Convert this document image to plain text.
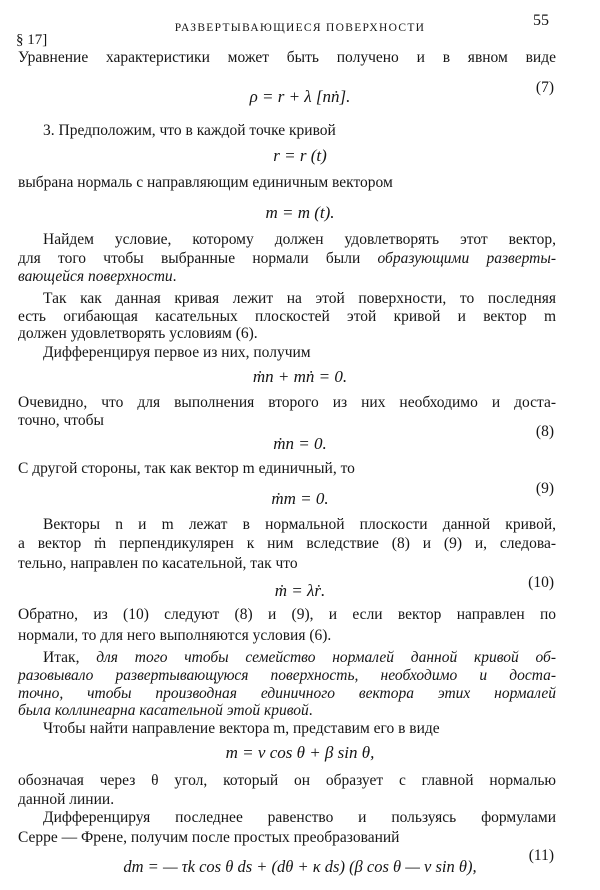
§ 17]
РАЗВЕРТЫВАЮЩИЕСЯ ПОВЕРХНОСТИ	55
Уравнение характеристики может быть получено и в явном виде
ρ = r + λ [nṅ].	(7)
3. Предположим, что в каждой точке кривой
r = r (t)
выбрана нормаль с направляющим единичным вектором
m = m (t).
Найдем условие, которому должен удовлетворять этот вектор,
для того чтобы выбранные нормали были образующими разверты-
вающейся поверхности.
Так как данная кривая лежит на этой поверхности, то последняя
есть огибающая касательных плоскостей этой кривой и вектор m
должен удовлетворять условиям (6).
Дифференцируя первое из них, получим
ṁn + mṅ = 0.
Очевидно, что для выполнения второго из них необходимо и доста-
точно, чтобы
ṁn = 0.
(8)
С другой стороны, так как вектор m единичный, то
ṁm = 0.
(9)
Векторы n и m лежат в нормальной плоскости данной кривой,
а вектор ṁ перпендикулярен к ним вследствие (8) и (9) и, следова-
тельно, направлен по касательной, так что
ṁ = λṙ.	(10)
Обратно, из (10) следуют (8) и (9), и если вектор направлен по
нормали, то для него выполняются условия (6).
Итак, для того чтобы семейство нормалей данной кривой об-
разовывало развертывающуюся поверхность, необходимо и доста-
точно, чтобы производная единичного вектора этих нормалей
была коллинеарна касательной этой кривой.
Чтобы найти направление вектора m, представим его в виде
m = ν cos θ + β sin θ,
обозначая через θ угол, который он образует с главной нормалью
данной линии.
Дифференцируя последнее равенство и пользуясь формулами
Серре — Френе, получим после простых преобразований
dm = — τk cos θ ds + (dθ + κ ds) (β cos θ — ν sin θ),
(11)
